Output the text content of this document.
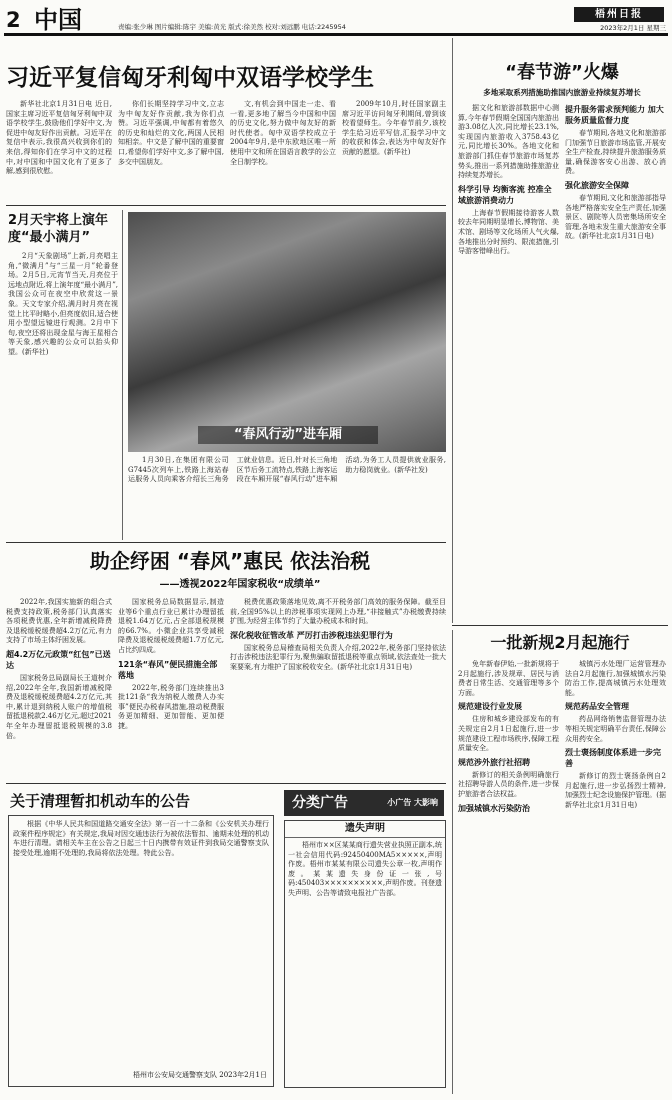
2 中国	责编:张少琳 图片编辑:陈宇 美编:黄光 版式:徐美然 校对:刘远鹏 电话:2245954
梧州日报
2023年2月1日 星期三
习近平复信匈牙利匈中双语学校学生

新华社北京1月31日电 近日,国家主席习近平复信匈牙利匈中双语学校学生,鼓励他们学好中文,为促进中匈友好作出贡献。习近平在复信中表示,我很高兴收到你们的来信,得知你们在学习中文的过程中,对中国和中国文化有了更多了解,感到很欣慰。

你们长期坚持学习中文,立志为中匈友好作贡献,我为你们点赞。习近平强调,中匈都有着悠久的历史和灿烂的文化,两国人民相知相亲。中文是了解中国的重要窗口,希望你们学好中文,多了解中国,多交中国朋友。

文,有机会到中国走一走、看一看,更多地了解当今中国和中国的历史文化,努力做中匈友好的新时代使者。匈中双语学校成立于2004年9月,是中东欧地区唯一所使用中文和所在国语言教学的公立全日制学校。

2009年10月,时任国家副主席习近平访问匈牙利期间,曾到该校看望师生。今年春节前夕,该校学生给习近平写信,汇报学习中文的收获和体会,表达为中匈友好作贡献的愿望。(新华社)

2月天宇将上演年度“最小满月”

2月“天象剧场”上新,月亮唱主角,“微满月”与“三星一月”轮番登场。2月5日,元宵节当天,月亮位于远地点附近,将上演年度“最小满月”,我国公众可在夜空中欣赏这一景象。天文专家介绍,满月时月亮在视觉上比平时略小,但亮度依旧,适合使用小型望远镜进行观测。2月中下旬,夜空还将出现金星与海王星相合等天象,感兴趣的公众可以抬头仰望。(新华社)

“春风行动”进车厢

1月30日,在集团有限公司G7445次列车上,铁路上海站春运服务人员向乘客介绍长三角务工就业信息。近日,针对长三角地区节后务工流特点,铁路上海客运段在车厢开展“春风行动”进车厢活动,为务工人员提供就业服务,助力稳岗就业。(新华社发)

助企纾困 “春风”惠民 依法治税
——透视2022年国家税收“成绩单”

2022年,我国实施新的组合式税费支持政策,税务部门认真落实各项税费优惠,全年新增减税降费及退税缓税缓费超4.2万亿元,有力支持了市场主体纾困发展。

超4.2万亿元政策“红包”已送达

国家税务总局副局长王道树介绍,2022年全年,我国新增减税降费及退税缓税缓费超4.2万亿元,其中,累计退到纳税人账户的增值税留抵退税款2.46万亿元,超过2021年全年办理留抵退税规模的3.8倍。

国家税务总局数据显示,制造业等6个重点行业已累计办理留抵退税1.64万亿元,占全部退税规模的66.7%。小微企业共享受减税降费及退税缓税缓费超1.7万亿元,占比约四成。

121条“春风”便民措施全部落地

2022年,税务部门连续推出3批121条“我为纳税人缴费人办实事”便民办税春风措施,推动税费服务更加精细、更加智能、更加便捷。

税费优惠政策落地见效,离不开税务部门高效的服务保障。截至目前,全国95%以上的涉税事项实现网上办理,“非接触式”办税缴费持续扩围,为经营主体节约了大量办税成本和时间。

深化税收征管改革 严厉打击涉税违法犯罪行为

国家税务总局稽查局相关负责人介绍,2022年,税务部门坚持依法打击涉税违法犯罪行为,聚焦骗取留抵退税等重点领域,依法查处一批大案要案,有力维护了国家税收安全。(新华社北京1月31日电)

“春节游”火爆
多地采取系列措施助推国内旅游业持续复苏增长

据文化和旅游部数据中心测算,今年春节假期全国国内旅游出游3.08亿人次,同比增长23.1%,实现国内旅游收入3758.43亿元,同比增长30%。各地文化和旅游部门抓住春节旅游市场复苏势头,推出一系列措施助推旅游业持续复苏增长。

科学引导 均衡客流 控准全域旅游消费动力

上海春节假期接待游客人数较去年同期明显增长,博物馆、美术馆、剧场等文化场所人气火爆,各地推出分时预约、限流措施,引导游客错峰出行。

提升服务需求预判能力 加大服务质量监督力度

春节期间,各地文化和旅游部门加强节日旅游市场监管,开展安全生产检查,持续提升旅游服务质量,确保游客安心出游、放心消费。

强化旅游安全保障

春节期间,文化和旅游部指导各地严格落实安全生产责任,加强景区、剧院等人员密集场所安全管理,各地未发生重大旅游安全事故。(新华社北京1月31日电)

一批新规2月起施行

免年新春伊始,一批新规将于2月起施行,涉及规章、居民与消费者日常生活、交通管理等多个方面。

规范建设行业发展

住房和城乡建设部发布的有关规定自2月1日起施行,进一步规范建设工程市场秩序,保障工程质量安全。

规范涉外旅行社招聘

新修订的相关条例明确旅行社招聘导游人员的条件,进一步保护旅游者合法权益。

加强城镇水污染防治

城镇污水处理厂运营管理办法自2月起施行,加强城镇水污染防治工作,提高城镇污水处理效能。

规范药品安全管理

药品网络销售监督管理办法等相关规定明确平台责任,保障公众用药安全。

烈士褒扬制度体系进一步完善

新修订的烈士褒扬条例自2月起施行,进一步弘扬烈士精神,加强烈士纪念设施保护管理。(据新华社北京1月31日电)

关于清理暂扣机动车的公告

根据《中华人民共和国道路交通安全法》第一百一十二条和《公安机关办理行政案件程序规定》有关规定,我局对因交通违法行为被依法暂扣、逾期未处理的机动车进行清理。请相关车主在公告之日起三十日内携带有效证件到我局交通警察支队接受处理,逾期不处理的,我局将依法处理。特此公告。

梧州市公安局交通警察支队 2023年2月1日
分类广告	小广告 大影响
遗失声明

梧州市××区某某商行遗失营业执照正副本,统一社会信用代码:92450400MA5×××××,声明作废。梧州市某某有限公司遗失公章一枚,声明作废。某某遗失身份证一张,号码:450403××××××××××,声明作废。刊登遗失声明、公告等请致电报社广告部。
